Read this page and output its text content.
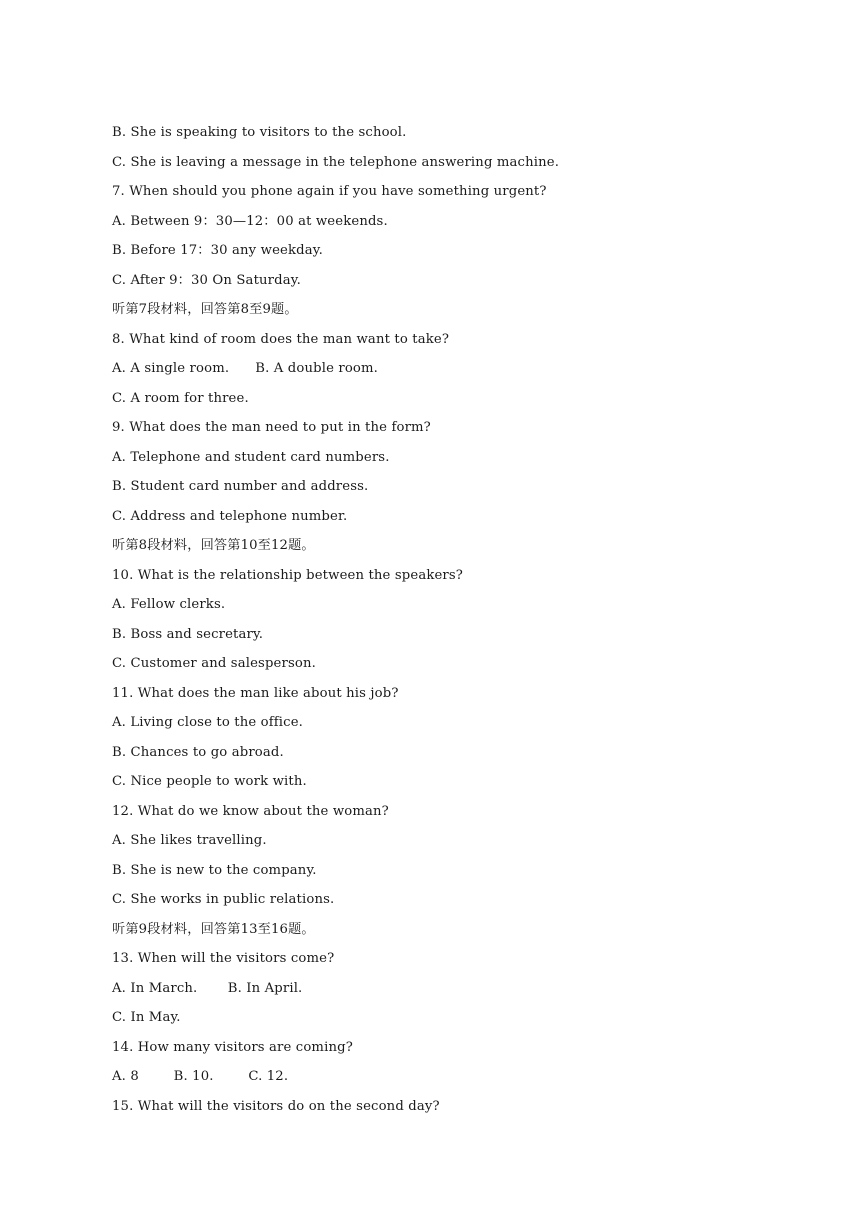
B. She is speaking to visitors to the school.
C. She is leaving a message in the telephone answering machine.
7. When should you phone again if you have something urgent?
A. Between 9：30—12：00 at weekends.
B. Before 17：30 any weekday.
C. After 9：30 On Saturday.
听第7段材料，回答第8至9题。
8. What kind of room does the man want to take?
A. A single room.      B. A double room.
C. A room for three.
9. What does the man need to put in the form?
A. Telephone and student card numbers.
B. Student card number and address.
C. Address and telephone number.
听第8段材料，回答第10至12题。
10. What is the relationship between the speakers?
A. Fellow clerks.
B. Boss and secretary.
C. Customer and salesperson.
11. What does the man like about his job?
A. Living close to the office.
B. Chances to go abroad.
C. Nice people to work with.
12. What do we know about the woman?
A. She likes travelling.
B. She is new to the company.
C. She works in public relations.
听第9段材料，回答第13至16题。
13. When will the visitors come?
A. In March.       B. In April.
C. In May.
14. How many visitors are coming?
A. 8        B. 10.        C. 12.
15. What will the visitors do on the second day?
